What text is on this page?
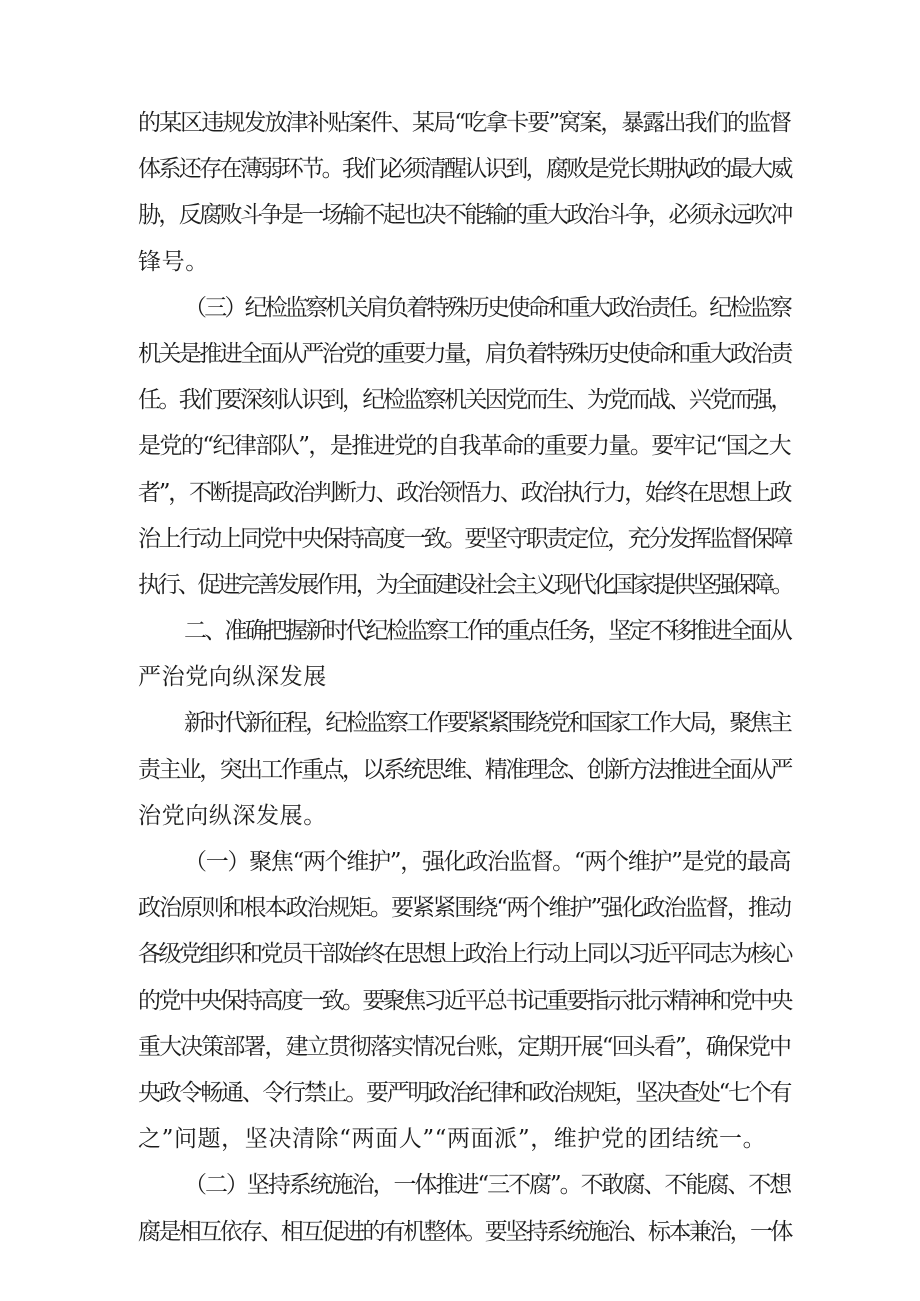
的某区违规发放津补贴案件、某局“吃拿卡要”窝案，暴露出我们的监督
体系还存在薄弱环节。我们必须清醒认识到，腐败是党长期执政的最大威
胁，反腐败斗争是一场输不起也决不能输的重大政治斗争，必须永远吹冲
锋号。
（三）纪检监察机关肩负着特殊历史使命和重大政治责任。纪检监察
机关是推进全面从严治党的重要力量，肩负着特殊历史使命和重大政治责
任。我们要深刻认识到，纪检监察机关因党而生、为党而战、兴党而强，
是党的“纪律部队”，是推进党的自我革命的重要力量。要牢记“国之大
者”，不断提高政治判断力、政治领悟力、政治执行力，始终在思想上政
治上行动上同党中央保持高度一致。要坚守职责定位，充分发挥监督保障
执行、促进完善发展作用，为全面建设社会主义现代化国家提供坚强保障。
二、准确把握新时代纪检监察工作的重点任务，坚定不移推进全面从
严治党向纵深发展
新时代新征程，纪检监察工作要紧紧围绕党和国家工作大局，聚焦主
责主业，突出工作重点，以系统思维、精准理念、创新方法推进全面从严
治党向纵深发展。
（一）聚焦“两个维护”，强化政治监督。“两个维护”是党的最高
政治原则和根本政治规矩。要紧紧围绕“两个维护”强化政治监督，推动
各级党组织和党员干部始终在思想上政治上行动上同以习近平同志为核心
的党中央保持高度一致。要聚焦习近平总书记重要指示批示精神和党中央
重大决策部署，建立贯彻落实情况台账，定期开展“回头看”，确保党中
央政令畅通、令行禁止。要严明政治纪律和政治规矩，坚决查处“七个有
之”问题，坚决清除“两面人”“两面派”，维护党的团结统一。
（二）坚持系统施治，一体推进“三不腐”。不敢腐、不能腐、不想
腐是相互依存、相互促进的有机整体。要坚持系统施治、标本兼治，一体
